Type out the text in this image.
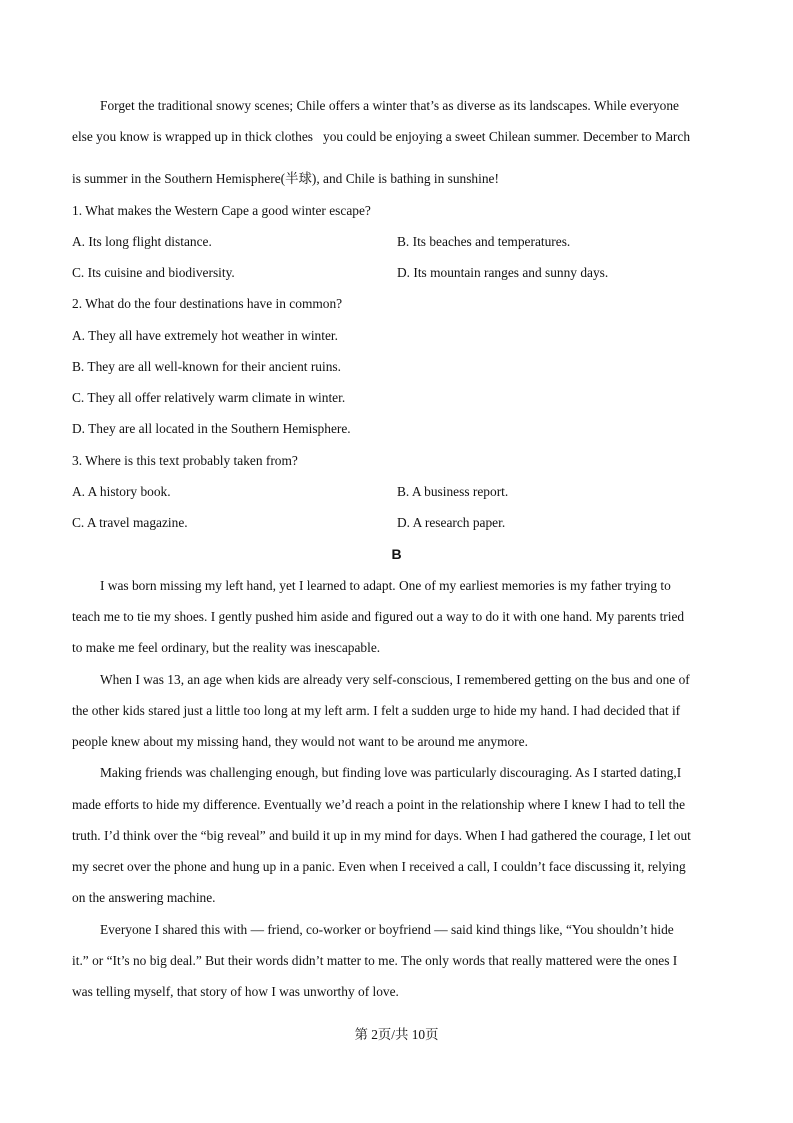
Forget the traditional snowy scenes; Chile offers a winter that’s as diverse as its landscapes. While everyone
else you know is wrapped up in thick clothes you could be enjoying a sweet Chilean summer. December to March
is summer in the Southern Hemisphere(半球), and Chile is bathing in sunshine!
1. What makes the Western Cape a good winter escape?
A. Its long flight distance.	B. Its beaches and temperatures.
C. Its cuisine and biodiversity.	D. Its mountain ranges and sunny days.
2. What do the four destinations have in common?
A. They all have extremely hot weather in winter.
B. They are all well-known for their ancient ruins.
C. They all offer relatively warm climate in winter.
D. They are all located in the Southern Hemisphere.
3. Where is this text probably taken from?
A. A history book.	B. A business report.
C. A travel magazine.	D. A research paper.
B
I was born missing my left hand, yet I learned to adapt. One of my earliest memories is my father trying to
teach me to tie my shoes. I gently pushed him aside and figured out a way to do it with one hand. My parents tried
to make me feel ordinary, but the reality was inescapable.
When I was 13, an age when kids are already very self-conscious, I remembered getting on the bus and one of
the other kids stared just a little too long at my left arm. I felt a sudden urge to hide my hand. I had decided that if
people knew about my missing hand, they would not want to be around me anymore.
Making friends was challenging enough, but finding love was particularly discouraging. As I started dating,I
made efforts to hide my difference. Eventually we’d reach a point in the relationship where I knew I had to tell the
truth. I’d think over the “big reveal” and build it up in my mind for days. When I had gathered the courage, I let out
my secret over the phone and hung up in a panic. Even when I received a call, I couldn’t face discussing it, relying
on the answering machine.
Everyone I shared this with — friend, co-worker or boyfriend — said kind things like, “You shouldn’t hide
it.” or “It’s no big deal.” But their words didn’t matter to me. The only words that really mattered were the ones I
was telling myself, that story of how I was unworthy of love.
第 2页/共 10页
